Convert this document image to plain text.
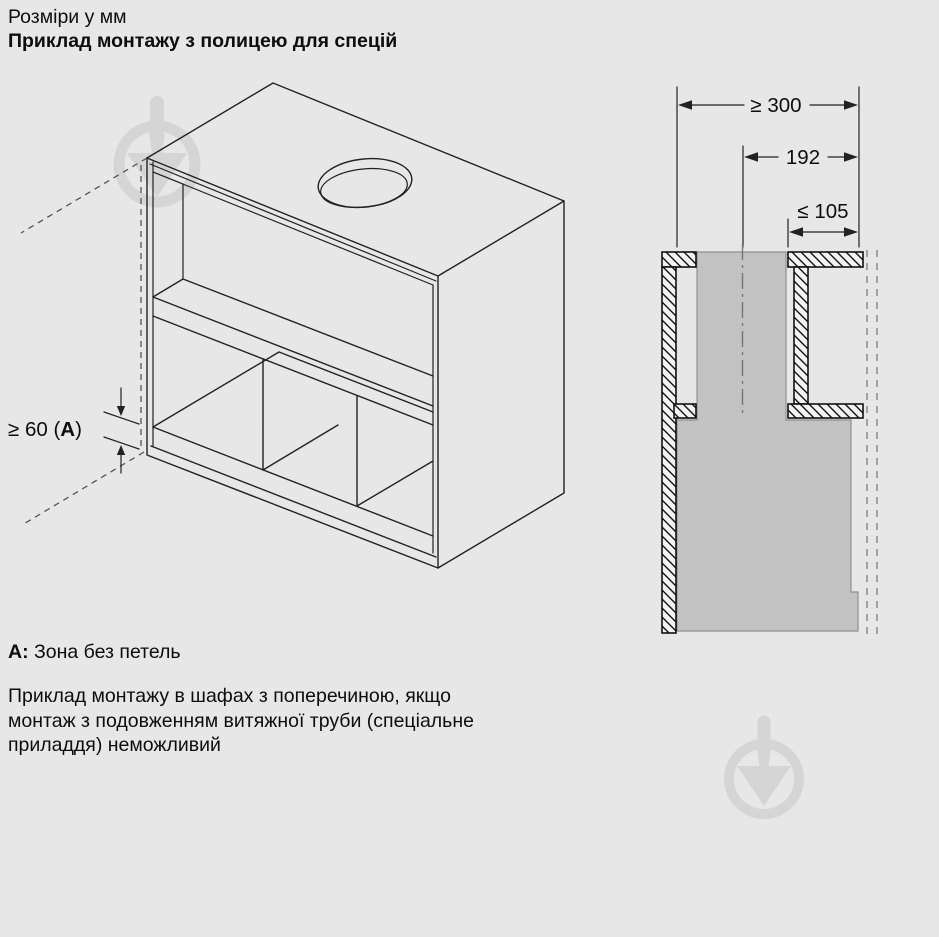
Розміри у мм
Приклад монтажу з полицею для спецій
≥ 60 (A)
≥ 300
192
≤ 105
A: Зона без петель
Приклад монтажу в шафах з поперечиною, якщо
монтаж з подовженням витяжної труби (спеціальне
приладдя) неможливий
